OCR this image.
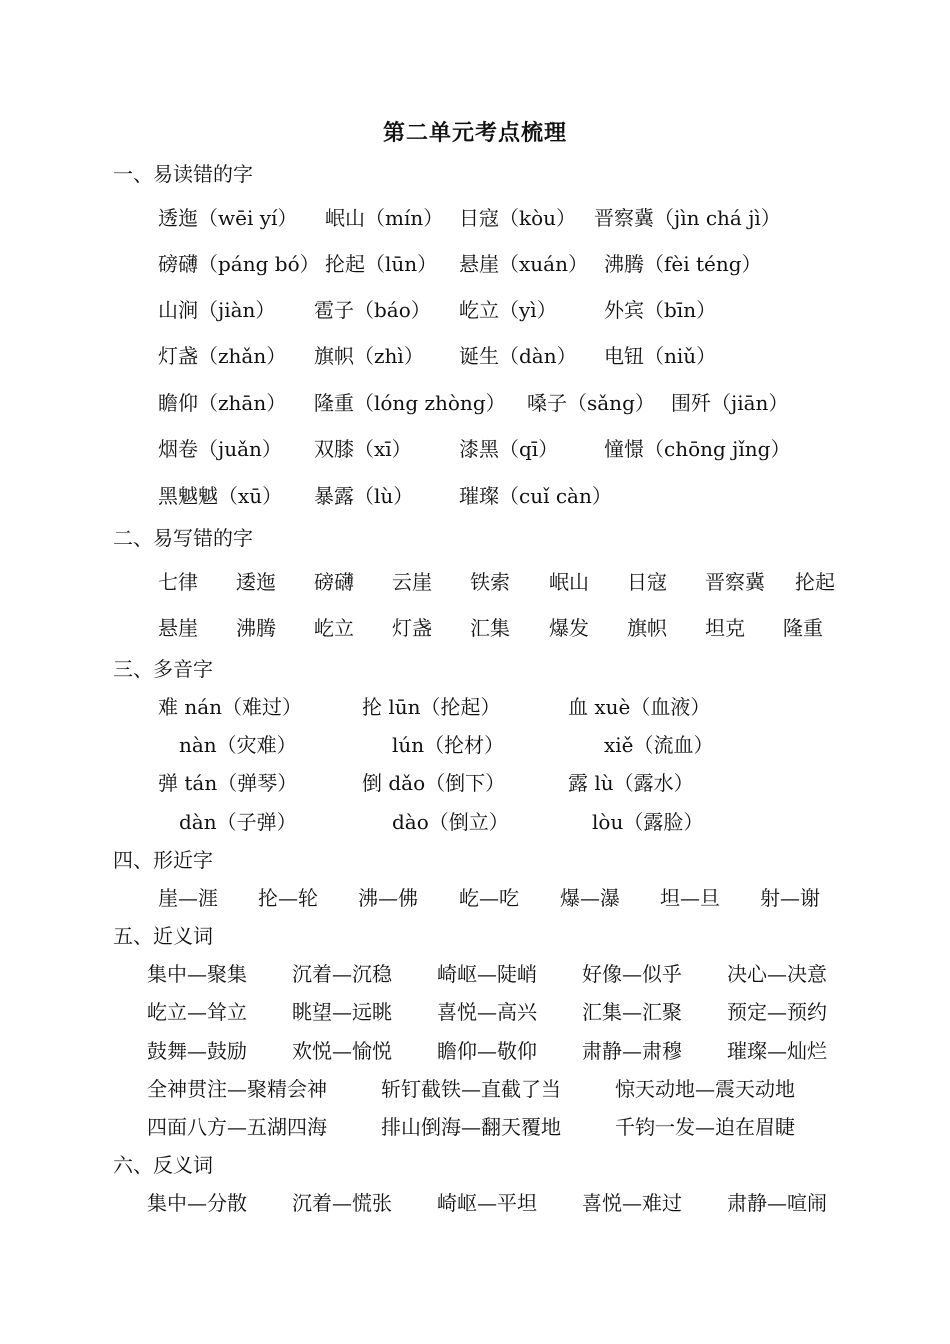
第二单元考点梳理
一、易读错的字
透迤（wēi yí） 岷山（mín） 日寇（kòu） 晋察冀（jìn chá jì）
磅礴（páng bó） 抡起（lūn） 悬崖（xuán） 沸腾（fèi téng）
山涧（jiàn） 雹子（báo） 屹立（yì） 外宾（bīn）
灯盏（zhǎn） 旗帜（zhì） 诞生（dàn） 电钮（niǔ）
瞻仰（zhān） 隆重（lóng zhòng） 嗓子（sǎng） 围歼（jiān）
烟卷（juǎn） 双膝（xī） 漆黑（qī） 憧憬（chōng jǐng）
黑魆魆（xū） 暴露（lù） 璀璨（cuǐ càn）
二、易写错的字
七律 逶迤 磅礴 云崖 铁索 岷山 日寇 晋察冀 抡起
悬崖 沸腾 屹立 灯盏 汇集 爆发 旗帜 坦克 隆重
三、多音字
难 nán（难过）	抡 lūn（抡起）	血 xuè（血液）
nàn（灾难）	lún（抡材）	xiě（流血）
弹 tán（弹琴）	倒 dǎo（倒下）	露 lù（露水）
dàn（子弹）	dào（倒立）	lòu（露脸）
四、形近字
崖—涯 抡—轮 沸—佛 屹—吃 爆—瀑 坦—旦 射—谢
五、近义词
集中—聚集 沉着—沉稳 崎岖—陡峭 好像—似乎 决心—决意
屹立—耸立 眺望—远眺 喜悦—高兴 汇集—汇聚 预定—预约
鼓舞—鼓励 欢悦—愉悦 瞻仰—敬仰 肃静—肃穆 璀璨—灿烂
全神贯注—聚精会神	斩钉截铁—直截了当	惊天动地—震天动地
四面八方—五湖四海	排山倒海—翻天覆地	千钧一发—迫在眉睫
六、反义词
集中—分散 沉着—慌张 崎岖—平坦 喜悦—难过 肃静—喧闹
